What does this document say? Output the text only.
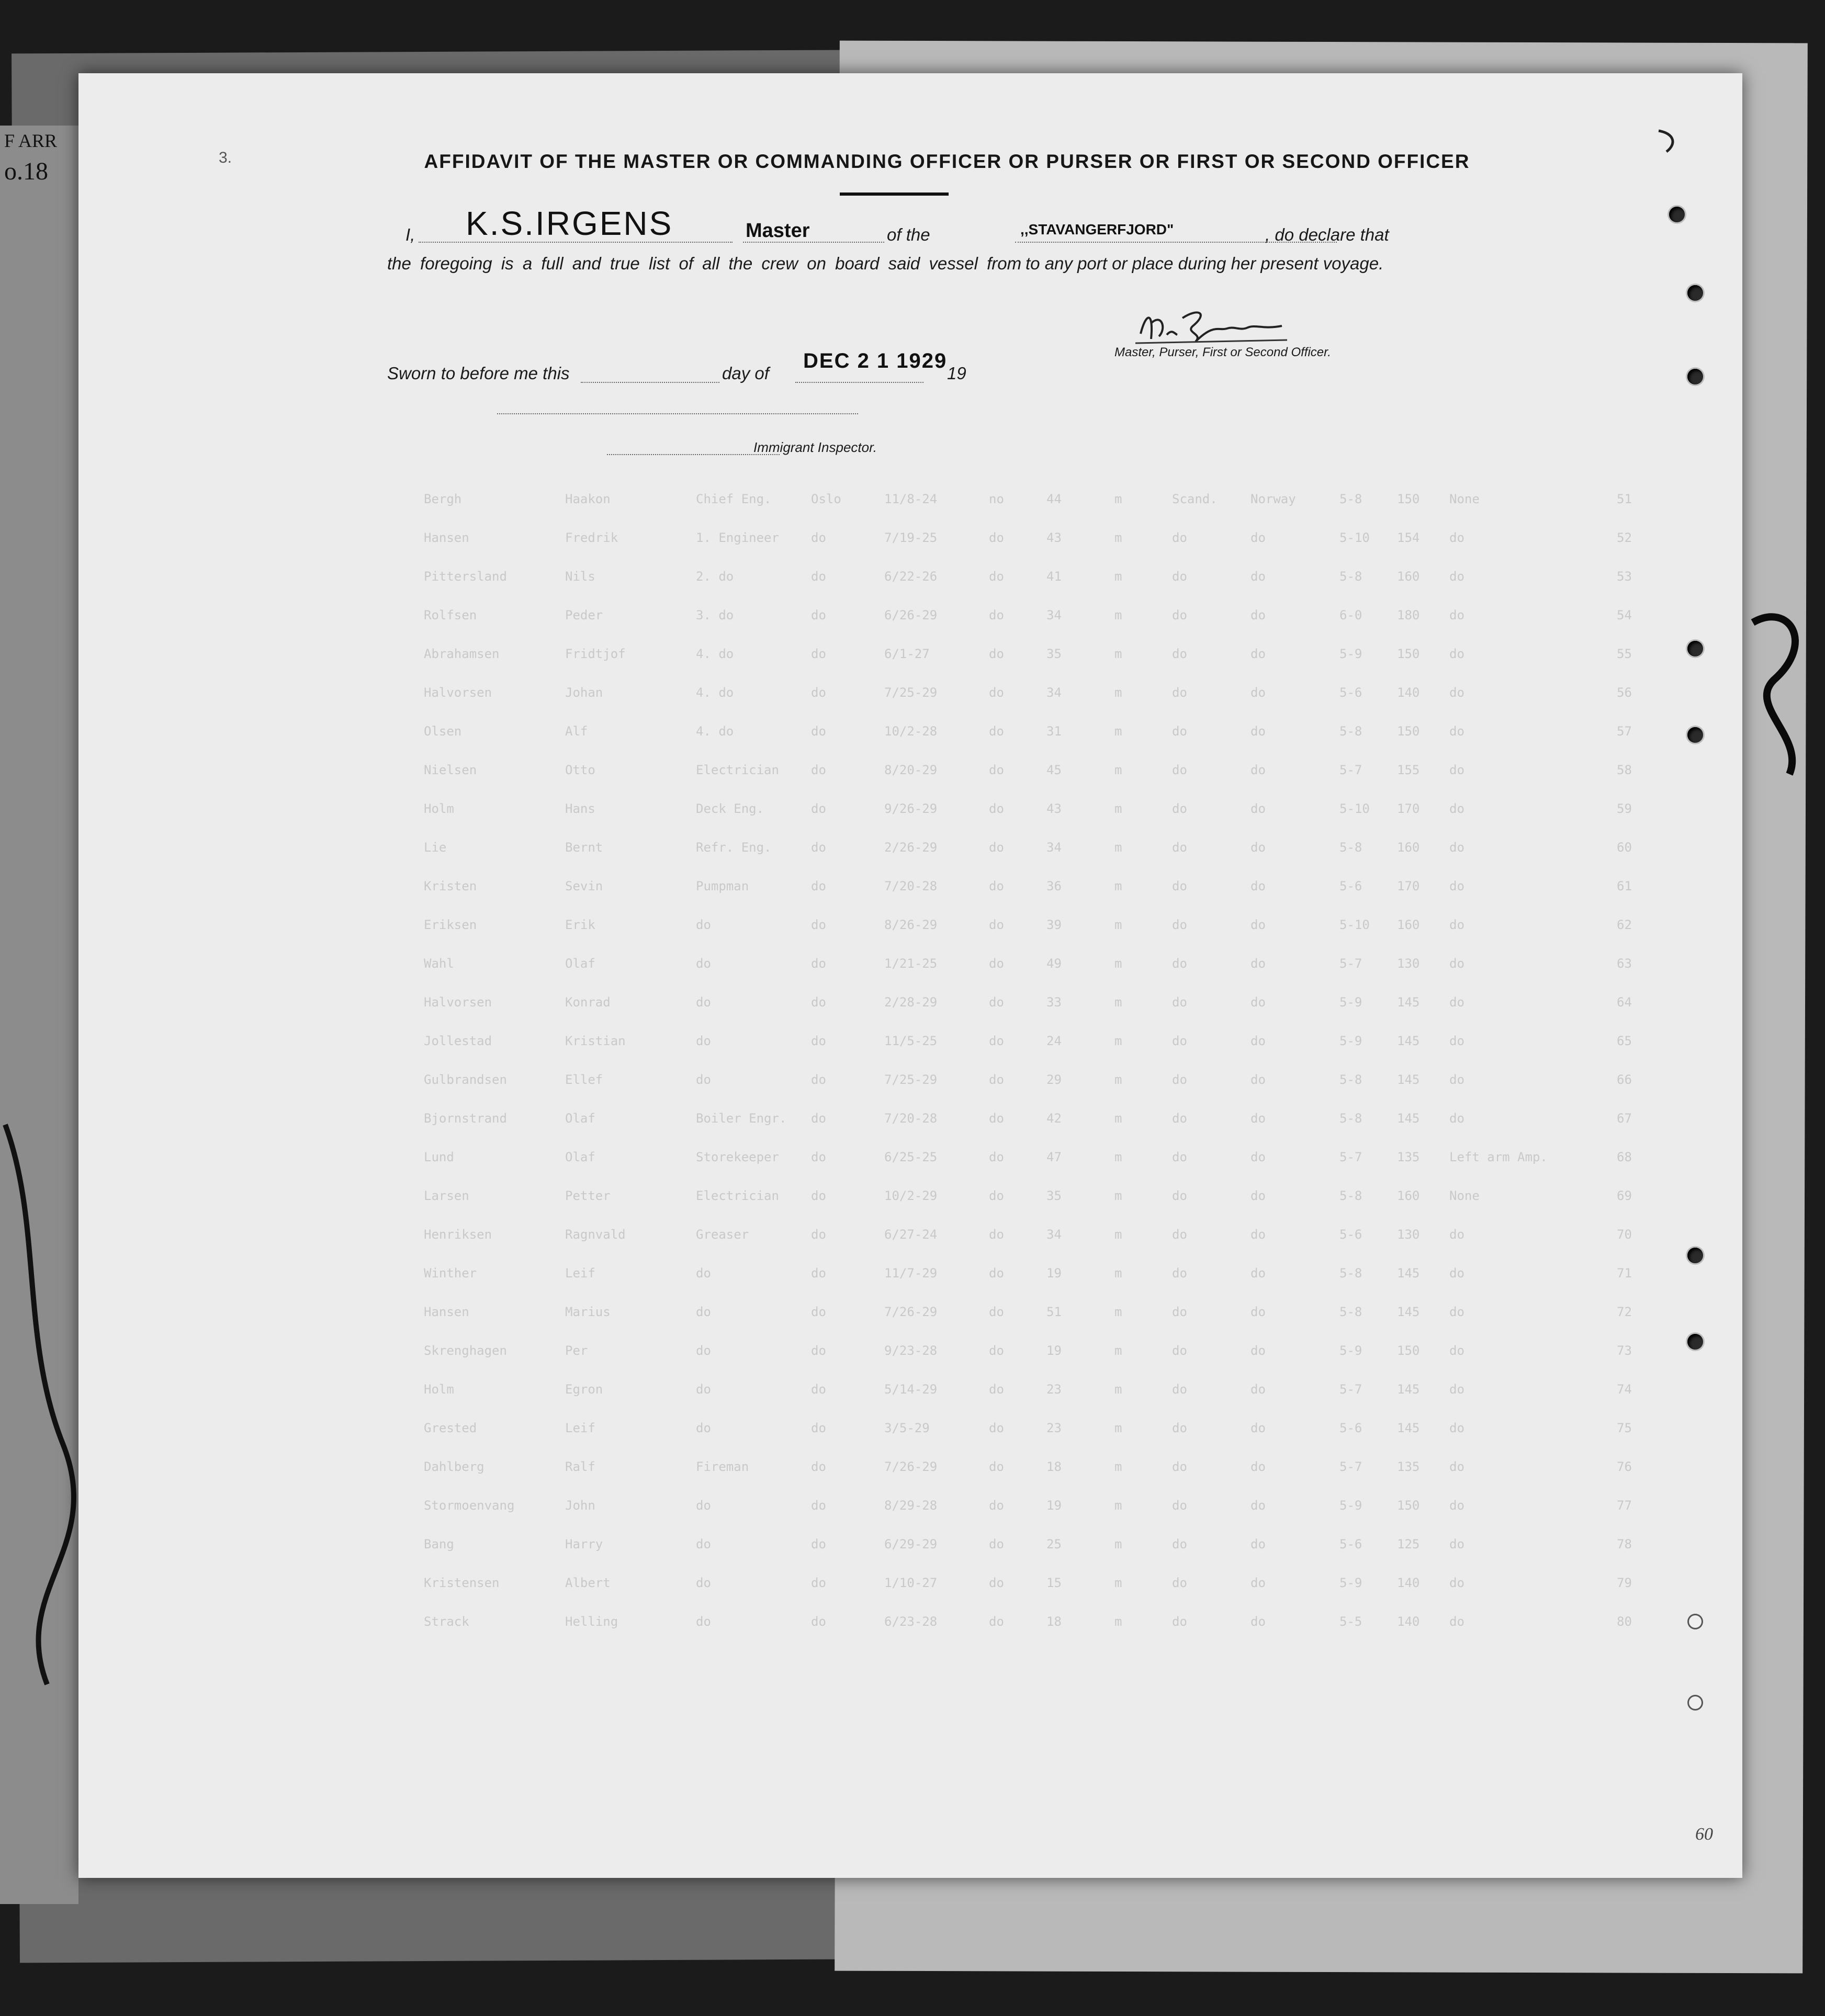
F ARR
o.18
51
Bergh	Haakon	Chief Eng.	Oslo	11/8-24	no	44	m	Scand.	Norway	5-8	150 None
52
Hansen	Fredrik	1. Engineer	do	7/19-25	do	43	m	do	do	5-10 154 do
53
Pittersland	Nils	2. do	do	6/22-26	do	41	m	do	do	5-8	160 do
54
Rolfsen	Peder	3. do	do	6/26-29	do	34	m	do	do	6-0	180 do
55
Abrahamsen	Fridtjof	4. do	do	6/1-27	do	35	m	do	do	5-9	150 do
56
Halvorsen	Johan	4. do	do	7/25-29	do	34	m	do	do	5-6	140 do
57
Olsen	Alf	4. do	do	10/2-28	do	31	m	do	do	5-8	150 do
58
Nielsen	Otto	Electrician	do	8/20-29	do	45	m	do	do	5-7	155 do
59
Holm	Hans	Deck Eng.	do	9/26-29	do	43	m	do	do	5-10 170 do
60
Lie	Bernt	Refr. Eng.	do	2/26-29	do	34	m	do	do	5-8	160 do
61
Kristen	Sevin	Pumpman	do	7/20-28	do	36	m	do	do	5-6	170 do
62
Eriksen	Erik	do	do	8/26-29	do	39	m	do	do	5-10 160 do
63
Wahl	Olaf	do	do	1/21-25	do	49	m	do	do	5-7	130 do
64
Halvorsen	Konrad	do	do	2/28-29	do	33	m	do	do	5-9	145 do
65
Jollestad	Kristian	do	do	11/5-25	do	24	m	do	do	5-9	145 do
66
Gulbrandsen	Ellef	do	do	7/25-29	do	29	m	do	do	5-8	145 do
67
Bjornstrand	Olaf	Boiler Engr. do	7/20-28	do	42	m	do	do	5-8	145 do
68
Lund	Olaf	Storekeeper	do	6/25-25	do	47	m	do	do	5-7	135 Left arm Amp.
69
Larsen	Petter	Electrician	do	10/2-29	do	35	m	do	do	5-8	160 None
70
Henriksen	Ragnvald	Greaser	do	6/27-24	do	34	m	do	do	5-6	130 do
71
Winther	Leif	do	do	11/7-29	do	19	m	do	do	5-8	145 do
72
Hansen	Marius	do	do	7/26-29	do	51	m	do	do	5-8	145 do
73
Skrenghagen	Per	do	do	9/23-28	do	19	m	do	do	5-9	150 do
74
Holm	Egron	do	do	5/14-29	do	23	m	do	do	5-7	145 do
75
Grested	Leif	do	do	3/5-29	do	23	m	do	do	5-6	145 do
76
Dahlberg	Ralf	Fireman	do	7/26-29	do	18	m	do	do	5-7	135 do
77
Stormoenvang	John	do	do	8/29-28	do	19	m	do	do	5-9	150 do
78
Bang	Harry	do	do	6/29-29	do	25	m	do	do	5-6	125 do
79
Kristensen	Albert	do	do	1/10-27	do	15	m	do	do	5-9	140 do
80
Strack	Helling	do	do	6/23-28	do	18	m	do	do	5-5	140 do
3.	AFFIDAVIT OF THE MASTER OR COMMANDING OFFICER OR PURSER OR FIRST OR SECOND OFFICER
I, K.S.IRGENS	Master	of the	,,STAVANGERFJORD"	, do declare that
the foregoing is a full and true list of all the crew on board said vessel from to any port or place during her present voyage.
Master, Purser, First or Second Officer.
Sworn to before me this	day of
DEC 2 1 1929
19
Immigrant Inspector.
60
